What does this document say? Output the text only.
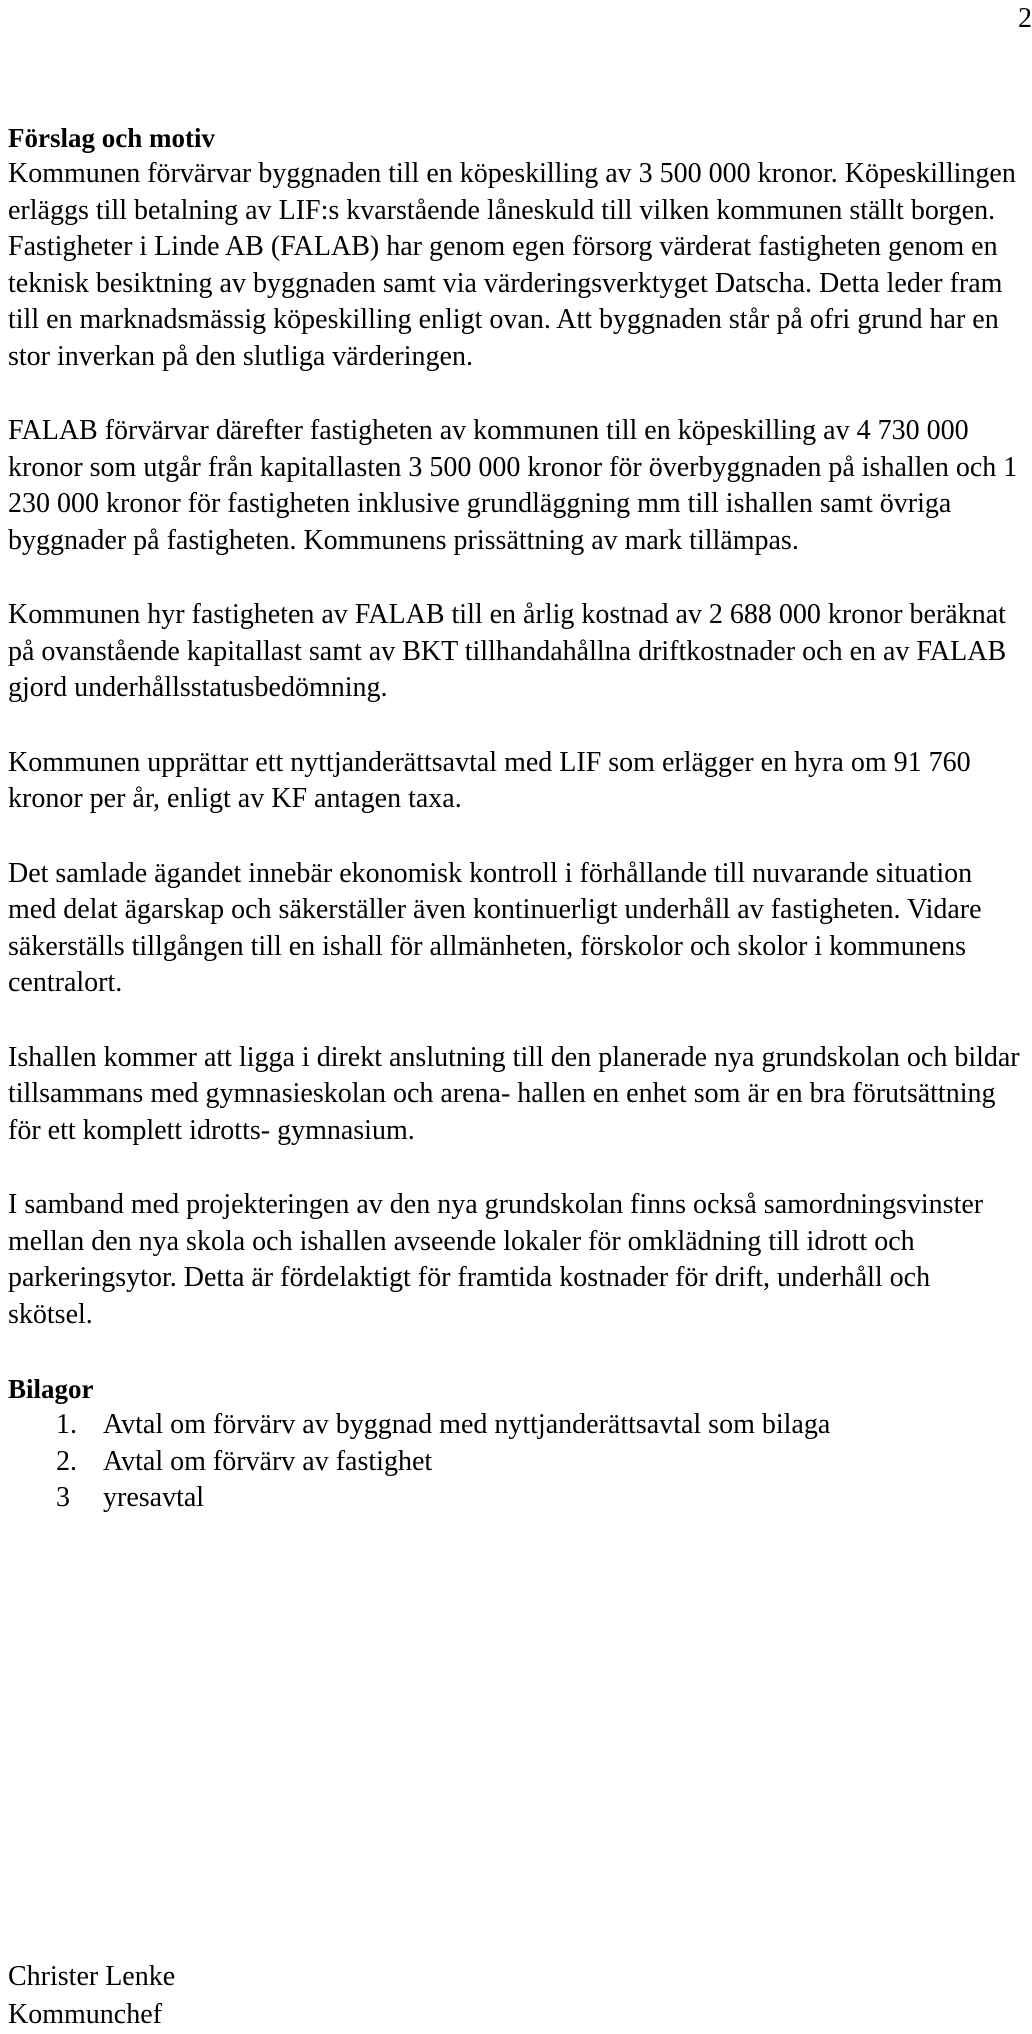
2
Förslag och motiv

Kommunen förvärvar byggnaden till en köpeskilling av 3 500 000 kronor. Köpeskillingen erläggs till betalning av LIF:s kvarstående låneskuld till vilken kommunen ställt borgen. Fastigheter i Linde AB (FALAB) har genom egen försorg värderat fastigheten genom en teknisk besiktning av byggnaden samt via värderingsverktyget Datscha. Detta leder fram till en marknadsmässig köpeskilling enligt ovan. Att byggnaden står på ofri grund har en stor inverkan på den slutliga värderingen.

FALAB förvärvar därefter fastigheten av kommunen till en köpeskilling av 4 730 000 kronor som utgår från kapitallasten 3 500 000 kronor för överbyggnaden på ishallen och 1 230 000 kronor för fastigheten inklusive grundläggning mm till ishallen samt övriga byggnader på fastigheten. Kommunens prissättning av mark tillämpas.

Kommunen hyr fastigheten av FALAB till en årlig kostnad av 2 688 000 kronor beräknat på ovanstående kapitallast samt av BKT tillhandahållna driftkostnader och en av FALAB gjord underhållsstatusbedömning.

Kommunen upprättar ett nyttjanderättsavtal med LIF som erlägger en hyra om 91 760 kronor per år, enligt av KF antagen taxa.

Det samlade ägandet innebär ekonomisk kontroll i förhållande till nuvarande situation med delat ägarskap och säkerställer även kontinuerligt underhåll av fastigheten. Vidare säkerställs tillgången till en ishall för allmänheten, förskolor och skolor i kommunens centralort.

Ishallen kommer att ligga i direkt anslutning till den planerade nya grundskolan och bildar tillsammans med gymnasieskolan och arena- hallen en enhet som är en bra förutsättning för ett komplett idrotts- gymnasium.

I samband med projekteringen av den nya grundskolan finns också samordningsvinster mellan den nya skola och ishallen avseende lokaler för omklädning till idrott och parkeringsytor. Detta är fördelaktigt för framtida kostnader för drift, underhåll och skötsel.

Bilagor
1. Avtal om förvärv av byggnad med nyttjanderättsavtal som bilaga
2. Avtal om förvärv av fastighet
3	yresavtal
Christer Lenke
Kommunchef
